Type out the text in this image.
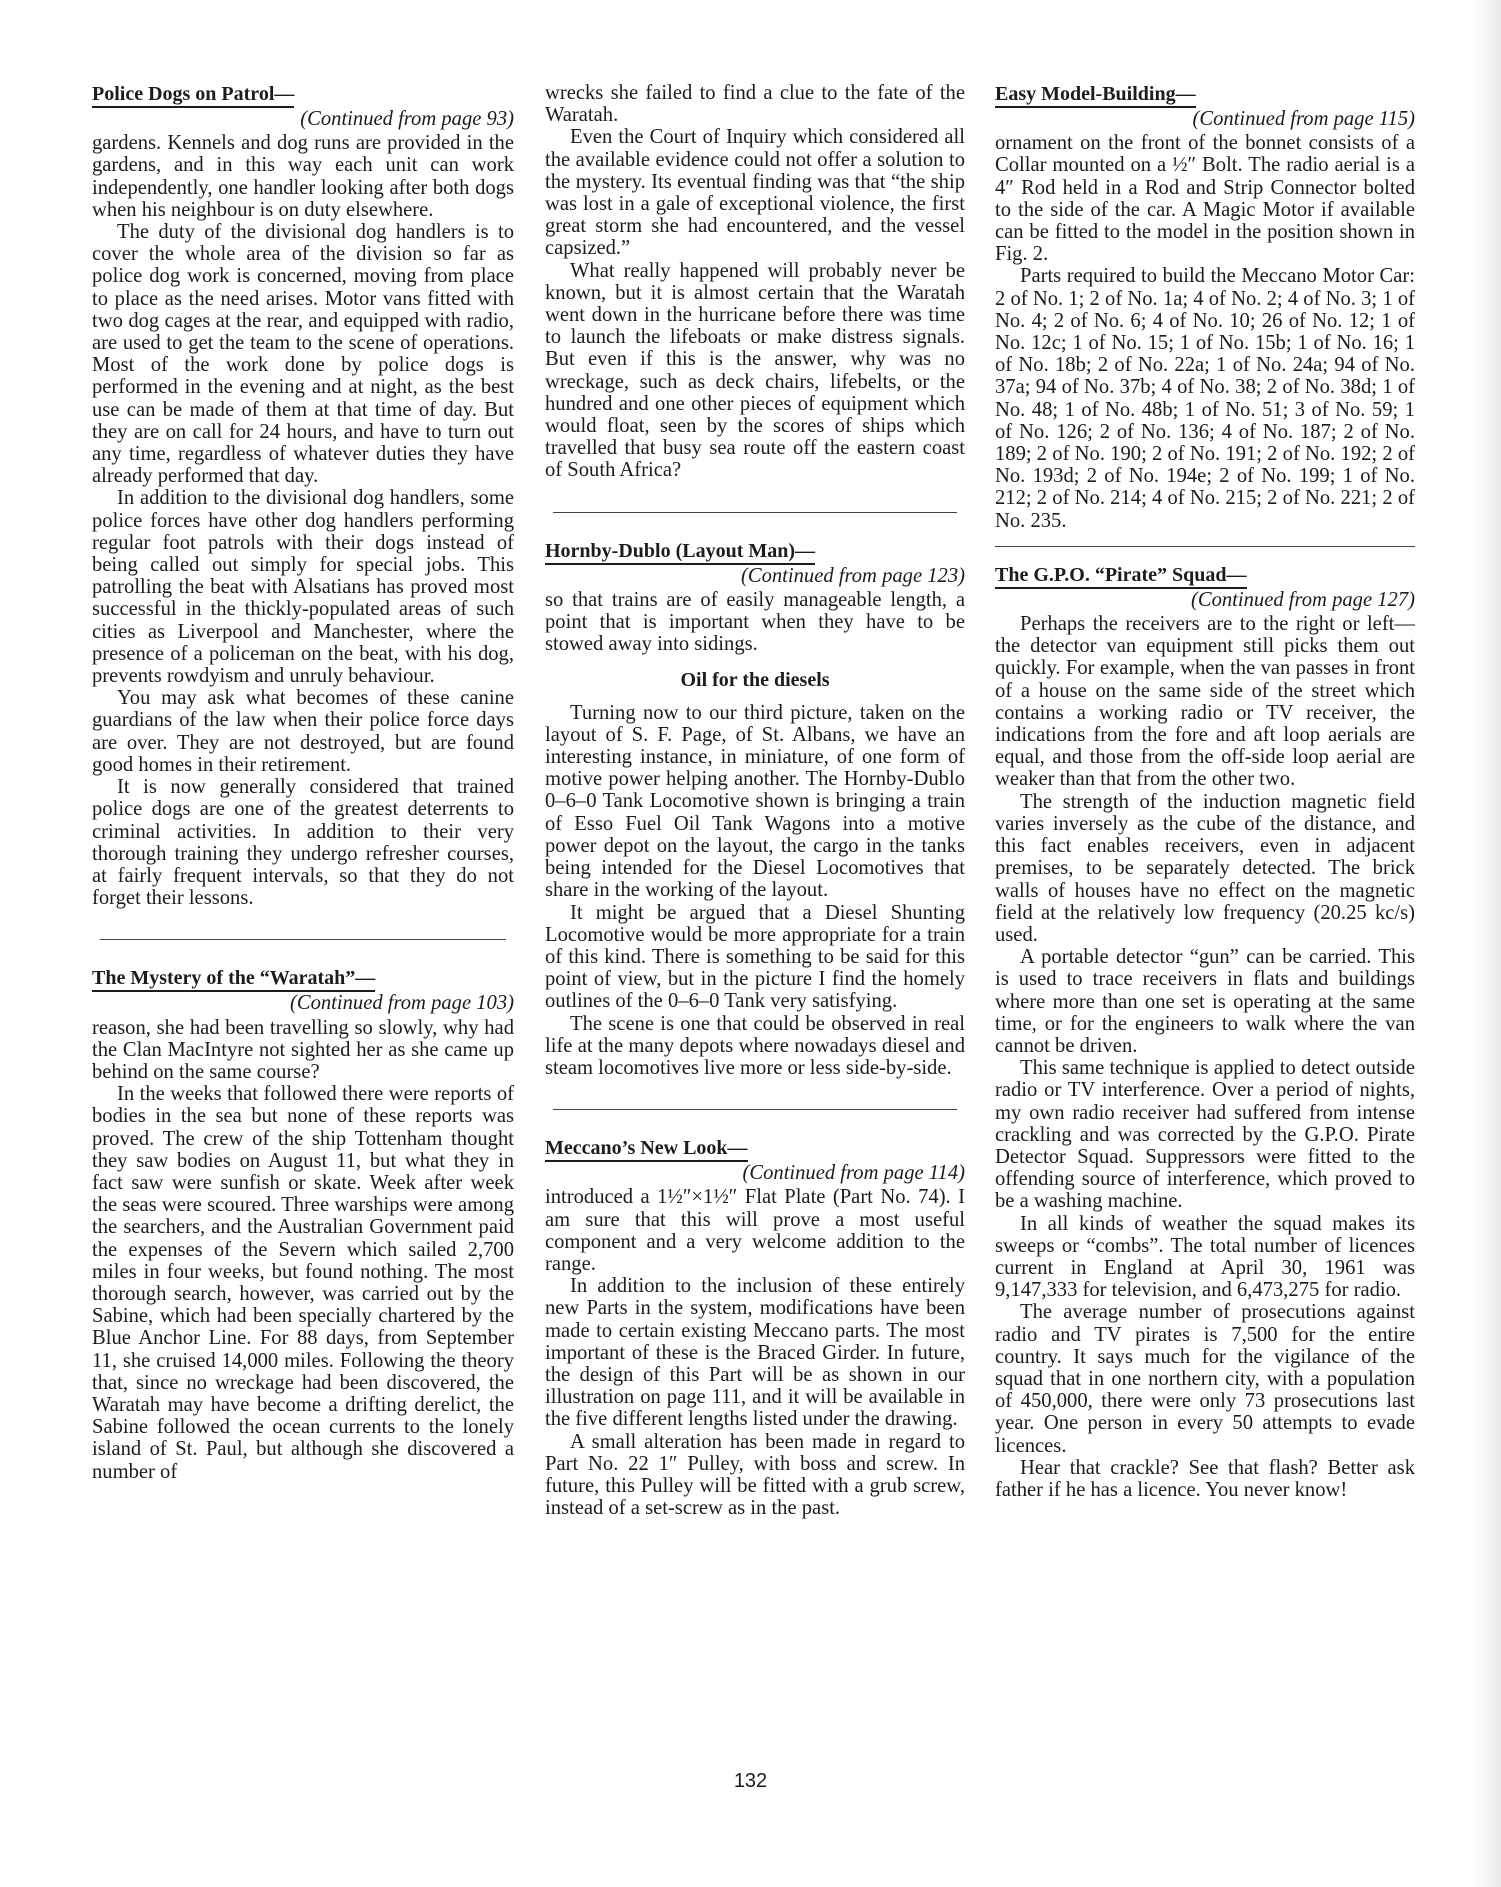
Police Dogs on Patrol—
(Continued from page 93)

gardens. Kennels and dog runs are provided in the gardens, and in this way each unit can work independently, one handler looking after both dogs when his neighbour is on duty elsewhere.

The duty of the divisional dog handlers is to cover the whole area of the division so far as police dog work is concerned, moving from place to place as the need arises. Motor vans fitted with two dog cages at the rear, and equipped with radio, are used to get the team to the scene of operations. Most of the work done by police dogs is performed in the evening and at night, as the best use can be made of them at that time of day. But they are on call for 24 hours, and have to turn out any time, regardless of whatever duties they have already performed that day.

In addition to the divisional dog handlers, some police forces have other dog handlers performing regular foot patrols with their dogs instead of being called out simply for special jobs. This patrolling the beat with Alsatians has proved most successful in the thickly-populated areas of such cities as Liverpool and Manchester, where the presence of a policeman on the beat, with his dog, prevents rowdyism and unruly behaviour.

You may ask what becomes of these canine guardians of the law when their police force days are over. They are not destroyed, but are found good homes in their retirement.

It is now generally considered that trained police dogs are one of the greatest deterrents to criminal activities. In addition to their very thorough training they undergo refresher courses, at fairly frequent intervals, so that they do not forget their lessons.

The Mystery of the “Waratah”—
(Continued from page 103)

reason, she had been travelling so slowly, why had the Clan MacIntyre not sighted her as she came up behind on the same course?

In the weeks that followed there were reports of bodies in the sea but none of these reports was proved. The crew of the ship Tottenham thought they saw bodies on August 11, but what they in fact saw were sunfish or skate. Week after week the seas were scoured. Three warships were among the searchers, and the Australian Government paid the expenses of the Severn which sailed 2,700 miles in four weeks, but found nothing. The most thorough search, however, was carried out by the Sabine, which had been specially chartered by the Blue Anchor Line. For 88 days, from September 11, she cruised 14,000 miles. Following the theory that, since no wreckage had been discovered, the Waratah may have become a drifting derelict, the Sabine followed the ocean currents to the lonely island of St. Paul, but although she discovered a number of

wrecks she failed to find a clue to the fate of the Waratah.

Even the Court of Inquiry which considered all the available evidence could not offer a solution to the mystery. Its eventual finding was that “the ship was lost in a gale of exceptional violence, the first great storm she had encountered, and the vessel capsized.”

What really happened will probably never be known, but it is almost certain that the Waratah went down in the hurricane before there was time to launch the lifeboats or make distress signals. But even if this is the answer, why was no wreckage, such as deck chairs, lifebelts, or the hundred and one other pieces of equipment which would float, seen by the scores of ships which travelled that busy sea route off the eastern coast of South Africa?

Hornby-Dublo (Layout Man)—
(Continued from page 123)

so that trains are of easily manageable length, a point that is important when they have to be stowed away into sidings.

Oil for the diesels

Turning now to our third picture, taken on the layout of S. F. Page, of St. Albans, we have an interesting instance, in miniature, of one form of motive power helping another. The Hornby-Dublo 0–6–0 Tank Locomotive shown is bringing a train of Esso Fuel Oil Tank Wagons into a motive power depot on the layout, the cargo in the tanks being intended for the Diesel Locomotives that share in the working of the layout.

It might be argued that a Diesel Shunting Locomotive would be more appropriate for a train of this kind. There is something to be said for this point of view, but in the picture I find the homely outlines of the 0–6–0 Tank very satisfying.

The scene is one that could be observed in real life at the many depots where nowadays diesel and steam locomotives live more or less side-by-side.

Meccano’s New Look—
(Continued from page 114)

introduced a 1½″×1½″ Flat Plate (Part No. 74). I am sure that this will prove a most useful component and a very welcome addition to the range.

In addition to the inclusion of these entirely new Parts in the system, modifications have been made to certain existing Meccano parts. The most important of these is the Braced Girder. In future, the design of this Part will be as shown in our illustration on page 111, and it will be available in the five different lengths listed under the drawing.

A small alteration has been made in regard to Part No. 22 1″ Pulley, with boss and screw. In future, this Pulley will be fitted with a grub screw, instead of a set-screw as in the past.

Easy Model-Building—
(Continued from page 115)

ornament on the front of the bonnet consists of a Collar mounted on a ½″ Bolt. The radio aerial is a 4″ Rod held in a Rod and Strip Connector bolted to the side of the car. A Magic Motor if available can be fitted to the model in the position shown in Fig. 2.

Parts required to build the Meccano Motor Car: 2 of No. 1; 2 of No. 1a; 4 of No. 2; 4 of No. 3; 1 of No. 4; 2 of No. 6; 4 of No. 10; 26 of No. 12; 1 of No. 12c; 1 of No. 15; 1 of No. 15b; 1 of No. 16; 1 of No. 18b; 2 of No. 22a; 1 of No. 24a; 94 of No. 37a; 94 of No. 37b; 4 of No. 38; 2 of No. 38d; 1 of No. 48; 1 of No. 48b; 1 of No. 51; 3 of No. 59; 1 of No. 126; 2 of No. 136; 4 of No. 187; 2 of No. 189; 2 of No. 190; 2 of No. 191; 2 of No. 192; 2 of No. 193d; 2 of No. 194e; 2 of No. 199; 1 of No. 212; 2 of No. 214; 4 of No. 215; 2 of No. 221; 2 of No. 235.

The G.P.O. “Pirate” Squad—
(Continued from page 127)

Perhaps the receivers are to the right or left—the detector van equipment still picks them out quickly. For example, when the van passes in front of a house on the same side of the street which contains a working radio or TV receiver, the indications from the fore and aft loop aerials are equal, and those from the off-side loop aerial are weaker than that from the other two.

The strength of the induction magnetic field varies inversely as the cube of the distance, and this fact enables receivers, even in adjacent premises, to be separately detected. The brick walls of houses have no effect on the magnetic field at the relatively low frequency (20.25 kc/s) used.

A portable detector “gun” can be carried. This is used to trace receivers in flats and buildings where more than one set is operating at the same time, or for the engineers to walk where the van cannot be driven.

This same technique is applied to detect outside radio or TV interference. Over a period of nights, my own radio receiver had suffered from intense crackling and was corrected by the G.P.O. Pirate Detector Squad. Suppressors were fitted to the offending source of interference, which proved to be a washing machine.

In all kinds of weather the squad makes its sweeps or “combs”. The total number of licences current in England at April 30, 1961 was 9,147,333 for television, and 6,473,275 for radio.

The average number of prosecutions against radio and TV pirates is 7,500 for the entire country. It says much for the vigilance of the squad that in one northern city, with a population of 450,000, there were only 73 prosecutions last year. One person in every 50 attempts to evade licences.

Hear that crackle? See that flash? Better ask father if he has a licence. You never know!

132
